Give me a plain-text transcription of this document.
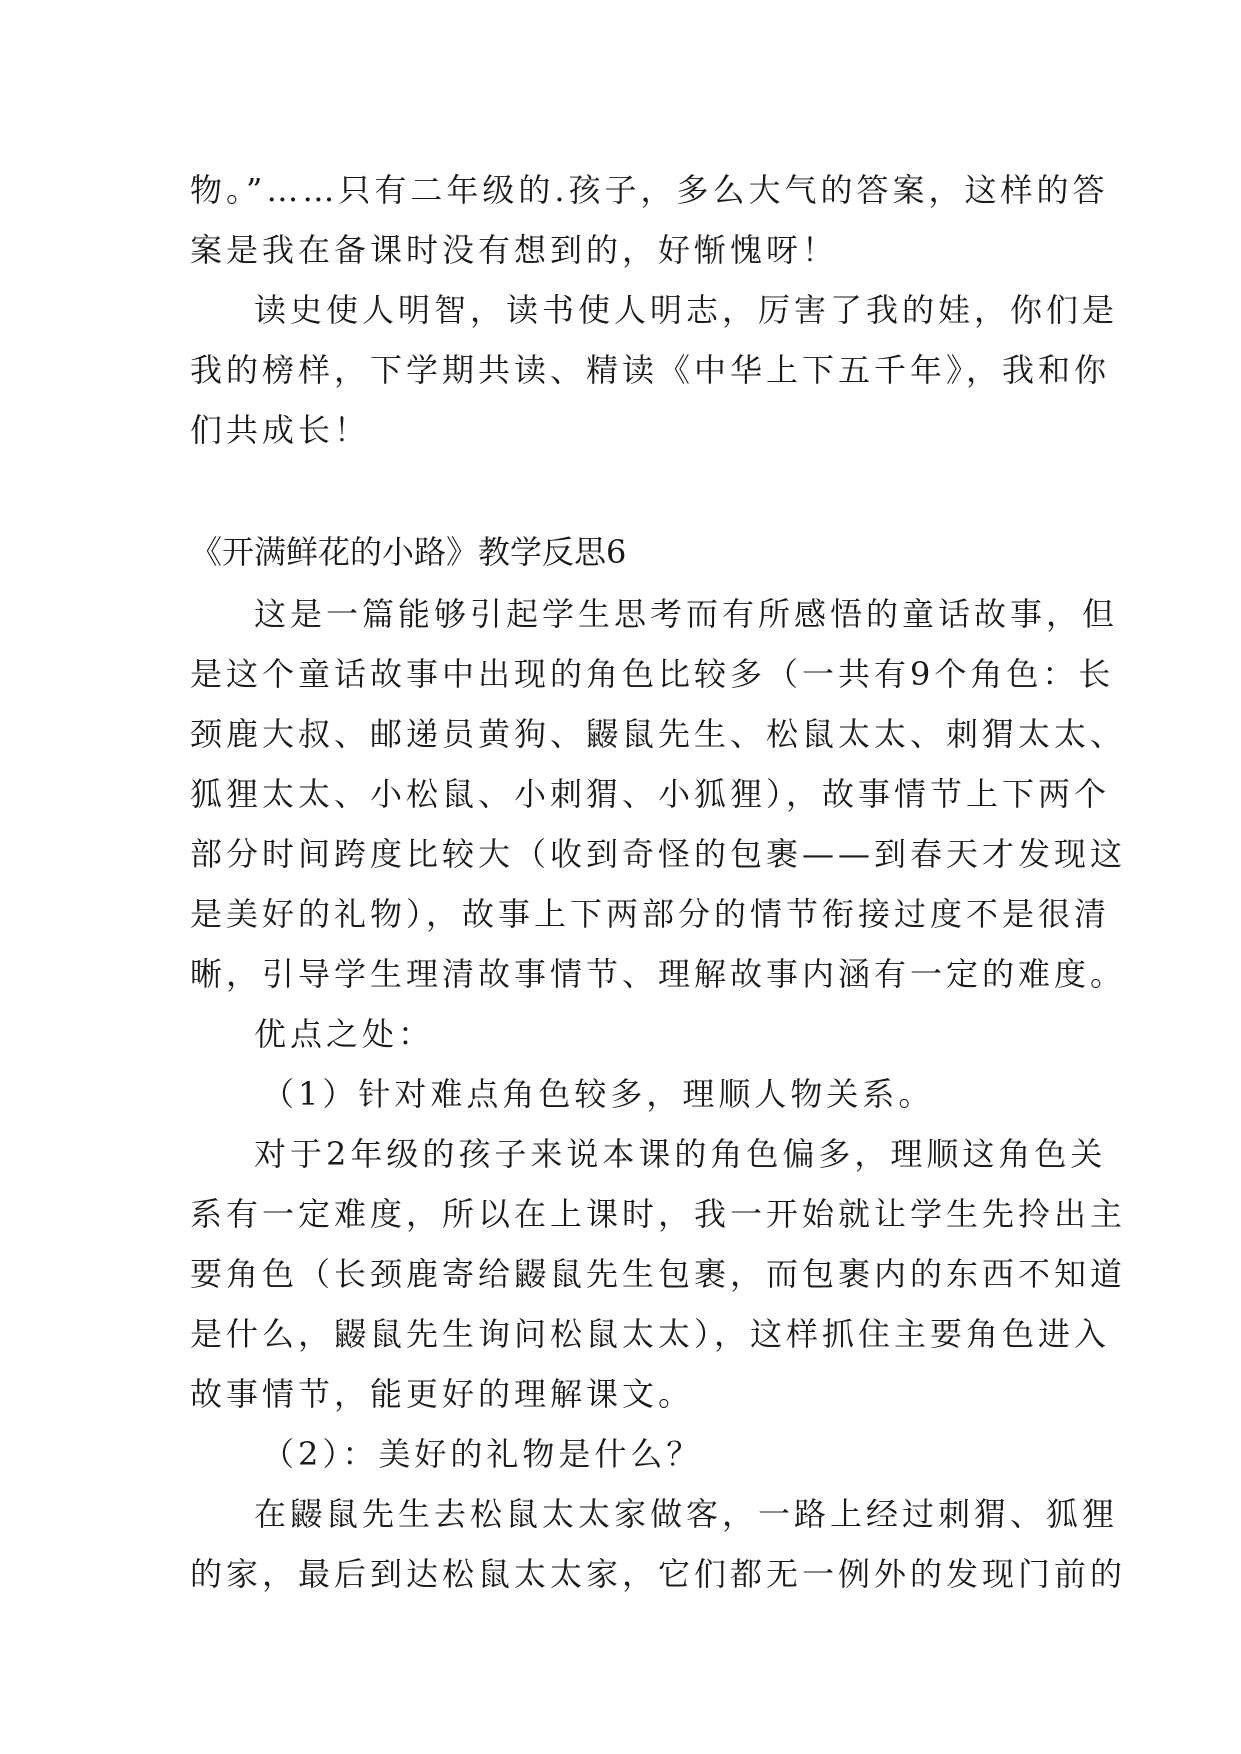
物。”……只有二年级的.孩子，多么大气的答案，这样的答
案是我在备课时没有想到的，好惭愧呀！
读史使人明智，读书使人明志，厉害了我的娃，你们是
我的榜样，下学期共读、精读《中华上下五千年》，我和你
们共成长！
《开满鲜花的小路》教学反思6
这是一篇能够引起学生思考而有所感悟的童话故事，但
是这个童话故事中出现的角色比较多（一共有9个角色：长
颈鹿大叔、邮递员黄狗、鼹鼠先生、松鼠太太、刺猬太太、
狐狸太太、小松鼠、小刺猬、小狐狸），故事情节上下两个
部分时间跨度比较大（收到奇怪的包裹——到春天才发现这
是美好的礼物），故事上下两部分的情节衔接过度不是很清
晰，引导学生理清故事情节、理解故事内涵有一定的难度。
优点之处：
（1）针对难点角色较多，理顺人物关系。
对于2年级的孩子来说本课的角色偏多，理顺这角色关
系有一定难度，所以在上课时，我一开始就让学生先拎出主
要角色（长颈鹿寄给鼹鼠先生包裹，而包裹内的东西不知道
是什么，鼹鼠先生询问松鼠太太），这样抓住主要角色进入
故事情节，能更好的理解课文。
（2）：美好的礼物是什么？
在鼹鼠先生去松鼠太太家做客，一路上经过刺猬、狐狸
的家，最后到达松鼠太太家，它们都无一例外的发现门前的
